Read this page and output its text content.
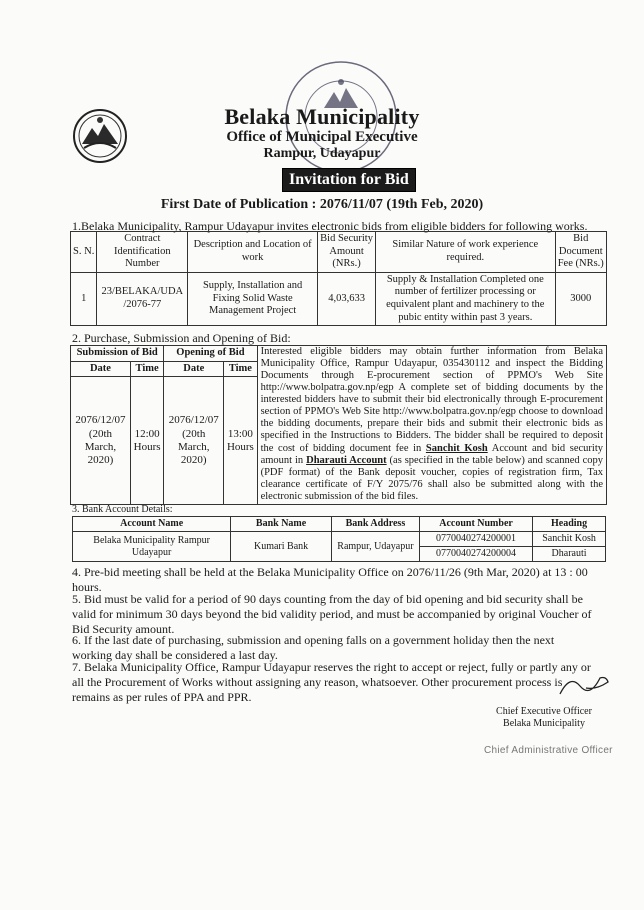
Belaka Municipality
Office of Municipal Executive
Rampur, Udayapur
Invitation for Bid
First Date of Publication : 2076/11/07 (19th Feb, 2020)
1.Belaka Municipality, Rampur Udayapur invites electronic bids from eligible bidders for following works.
S. N.	Contract Identification Number	Description and Location of work	Bid Security Amount (NRs.)	Similar Nature of work experience required.	Bid Document Fee (NRs.)
1	23/BELAKA/UDA /2076-77	Supply, Installation and Fixing Solid Waste Management Project	4,03,633	Supply & Installation Completed one number of fertilizer processing or equivalent plant and machinery to the pubic entity within past 3 years.	3000
2. Purchase, Submission and Opening of Bid:
Submission of Bid		Opening of Bid		Interested eligible bidders may obtain further information from Belaka Municipality Office, Rampur Udayapur, 035430112 and inspect the Bidding Documents through E-procurement section of PPMO's Web Site http://www.bolpatra.gov.np/egp A complete set of bidding documents by the interested bidders have to submit their bid electronically through E-procurement section of PPMO's Web Site http://www.bolpatra.gov.np/egp choose to download the bidding documents, prepare their bids and submit their electronic bids as specified in the Instructions to Bidders. The bidder shall be required to deposit the cost of bidding document fee in Sanchit Kosh Account and bid security amount in Dharauti Account (as specified in the table below) and scanned copy (PDF format) of the Bank deposit voucher, copies of registration firm, Tax clearance certificate of F/Y 2075/76 shall also be submitted along with the electronic submission of the bid files.
Date	Time	Date	Time	
2076/12/07 (20th March, 2020)	12:00 Hours	2076/12/07 (20th March, 2020)	13:00 Hours	
3. Bank Account Details:
Account Name	Bank Name	Bank Address	Account Number	Heading
Belaka Municipality Rampur Udayapur	Kumari Bank	Rampur, Udayapur	0770040274200001	Sanchit Kosh
			0770040274200004	Dharauti
4. Pre-bid meeting shall be held at the Belaka Municipality Office on 2076/11/26 (9th Mar, 2020) at 13 : 00 hours.
5. Bid must be valid for a period of 90 days counting from the day of bid opening and bid security shall be valid for minimum 30 days beyond the bid validity period, and must be accompanied by original Voucher of Bid Security amount.
6. If the last date of purchasing, submission and opening falls on a government holiday then the next working day shall be considered a last day.
7. Belaka Municipality Office, Rampur Udayapur reserves the right to accept or reject, fully or partly any or all the Procurement of Works without assigning any reason, whatsoever. Other procurement process is remains as per rules of PPA and PPR.
Chief Executive Officer
Belaka Municipality
Chief Administrative Officer
